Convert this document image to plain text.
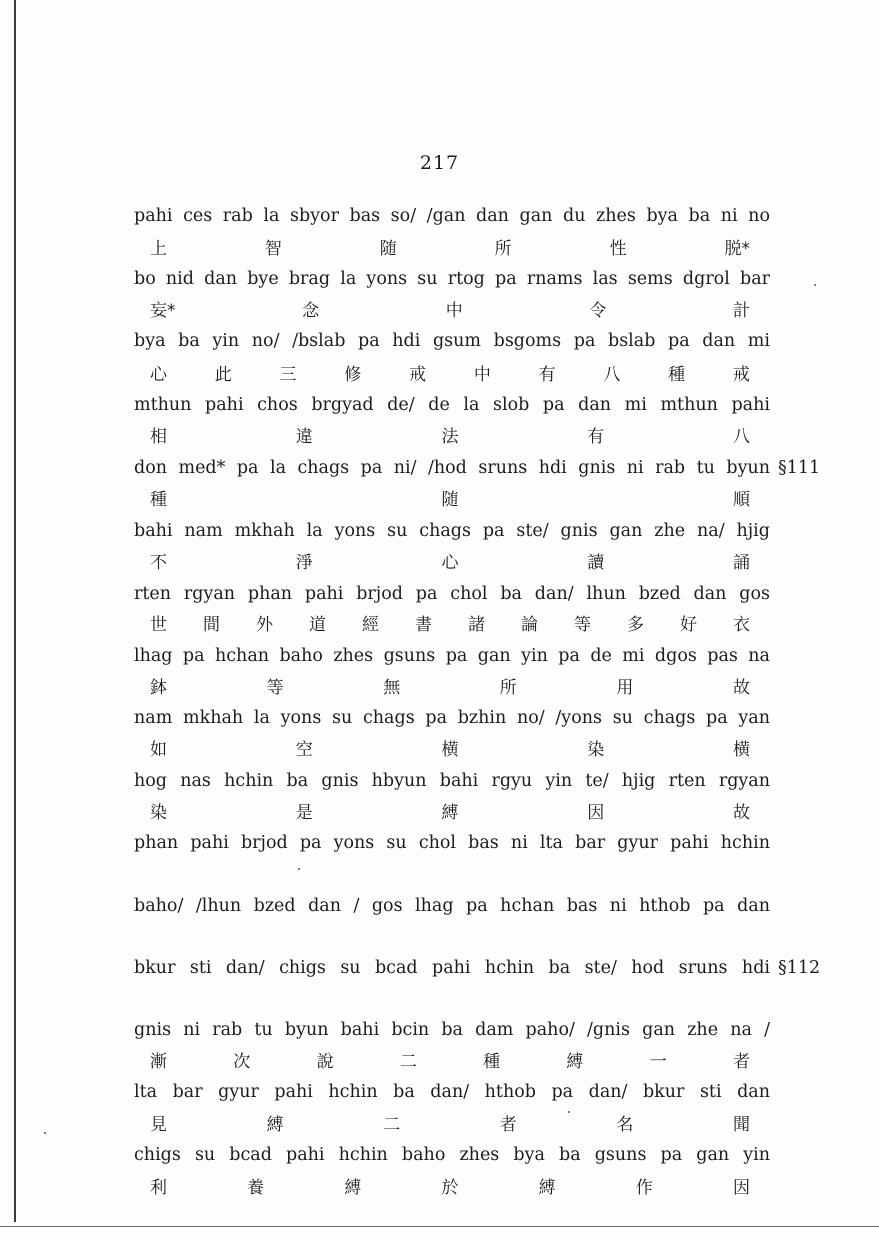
217
pahi ces rab la sbyor bas so/ /gan dan gan du zhes bya ba ni no
上	智	随	所	性	脱*
bo nid dan bye brag la yons su rtog pa rnams las sems dgrol bar
妄*	念	中	令	計
bya ba yin no/ /bslab pa hdi gsum bsgoms pa bslab pa dan mi
心	此	三	修	戒	中	有	八	種	戒
mthun pahi chos brgyad de/ de la slob pa dan mi mthun pahi
相	違	法	有	八
don med* pa la chags pa ni/ /hod sruns hdi gnis ni rab tu byun §111
種	随	順
bahi nam mkhah la yons su chags pa ste/ gnis gan zhe na/ hjig
不	淨	心	讀	誦
rten rgyan phan pahi brjod pa chol ba dan/ lhun bzed dan gos
世 間 外 道 經 書 諸 論 等 多 好 衣
lhag pa hchan baho zhes gsuns pa gan yin pa de mi dgos pas na
鉢	等	無	所	用	故
nam mkhah la yons su chags pa bzhin no/ /yons su chags pa yan
如	空	横	染	横
hog nas hchin ba gnis hbyun bahi rgyu yin te/ hjig rten rgyan
染	是	縛	因	故
phan pahi brjod pa yons su chol bas ni lta bar gyur pahi hchin
baho/ /lhun bzed dan / gos lhag pa hchan bas ni hthob pa dan
bkur sti dan/ chigs su bcad pahi hchin ba ste/ hod sruns hdi §112
gnis ni rab tu byun bahi bcin ba dam paho/ /gnis gan zhe na /
漸	次	說	二	種	縛	一	者
lta bar gyur pahi hchin ba dan/ hthob pa dan/ bkur sti dan
見	縛	二	者	名	聞
chigs su bcad pahi hchin baho zhes bya ba gsuns pa gan yin
利	養	縛	於	縛	作	因
